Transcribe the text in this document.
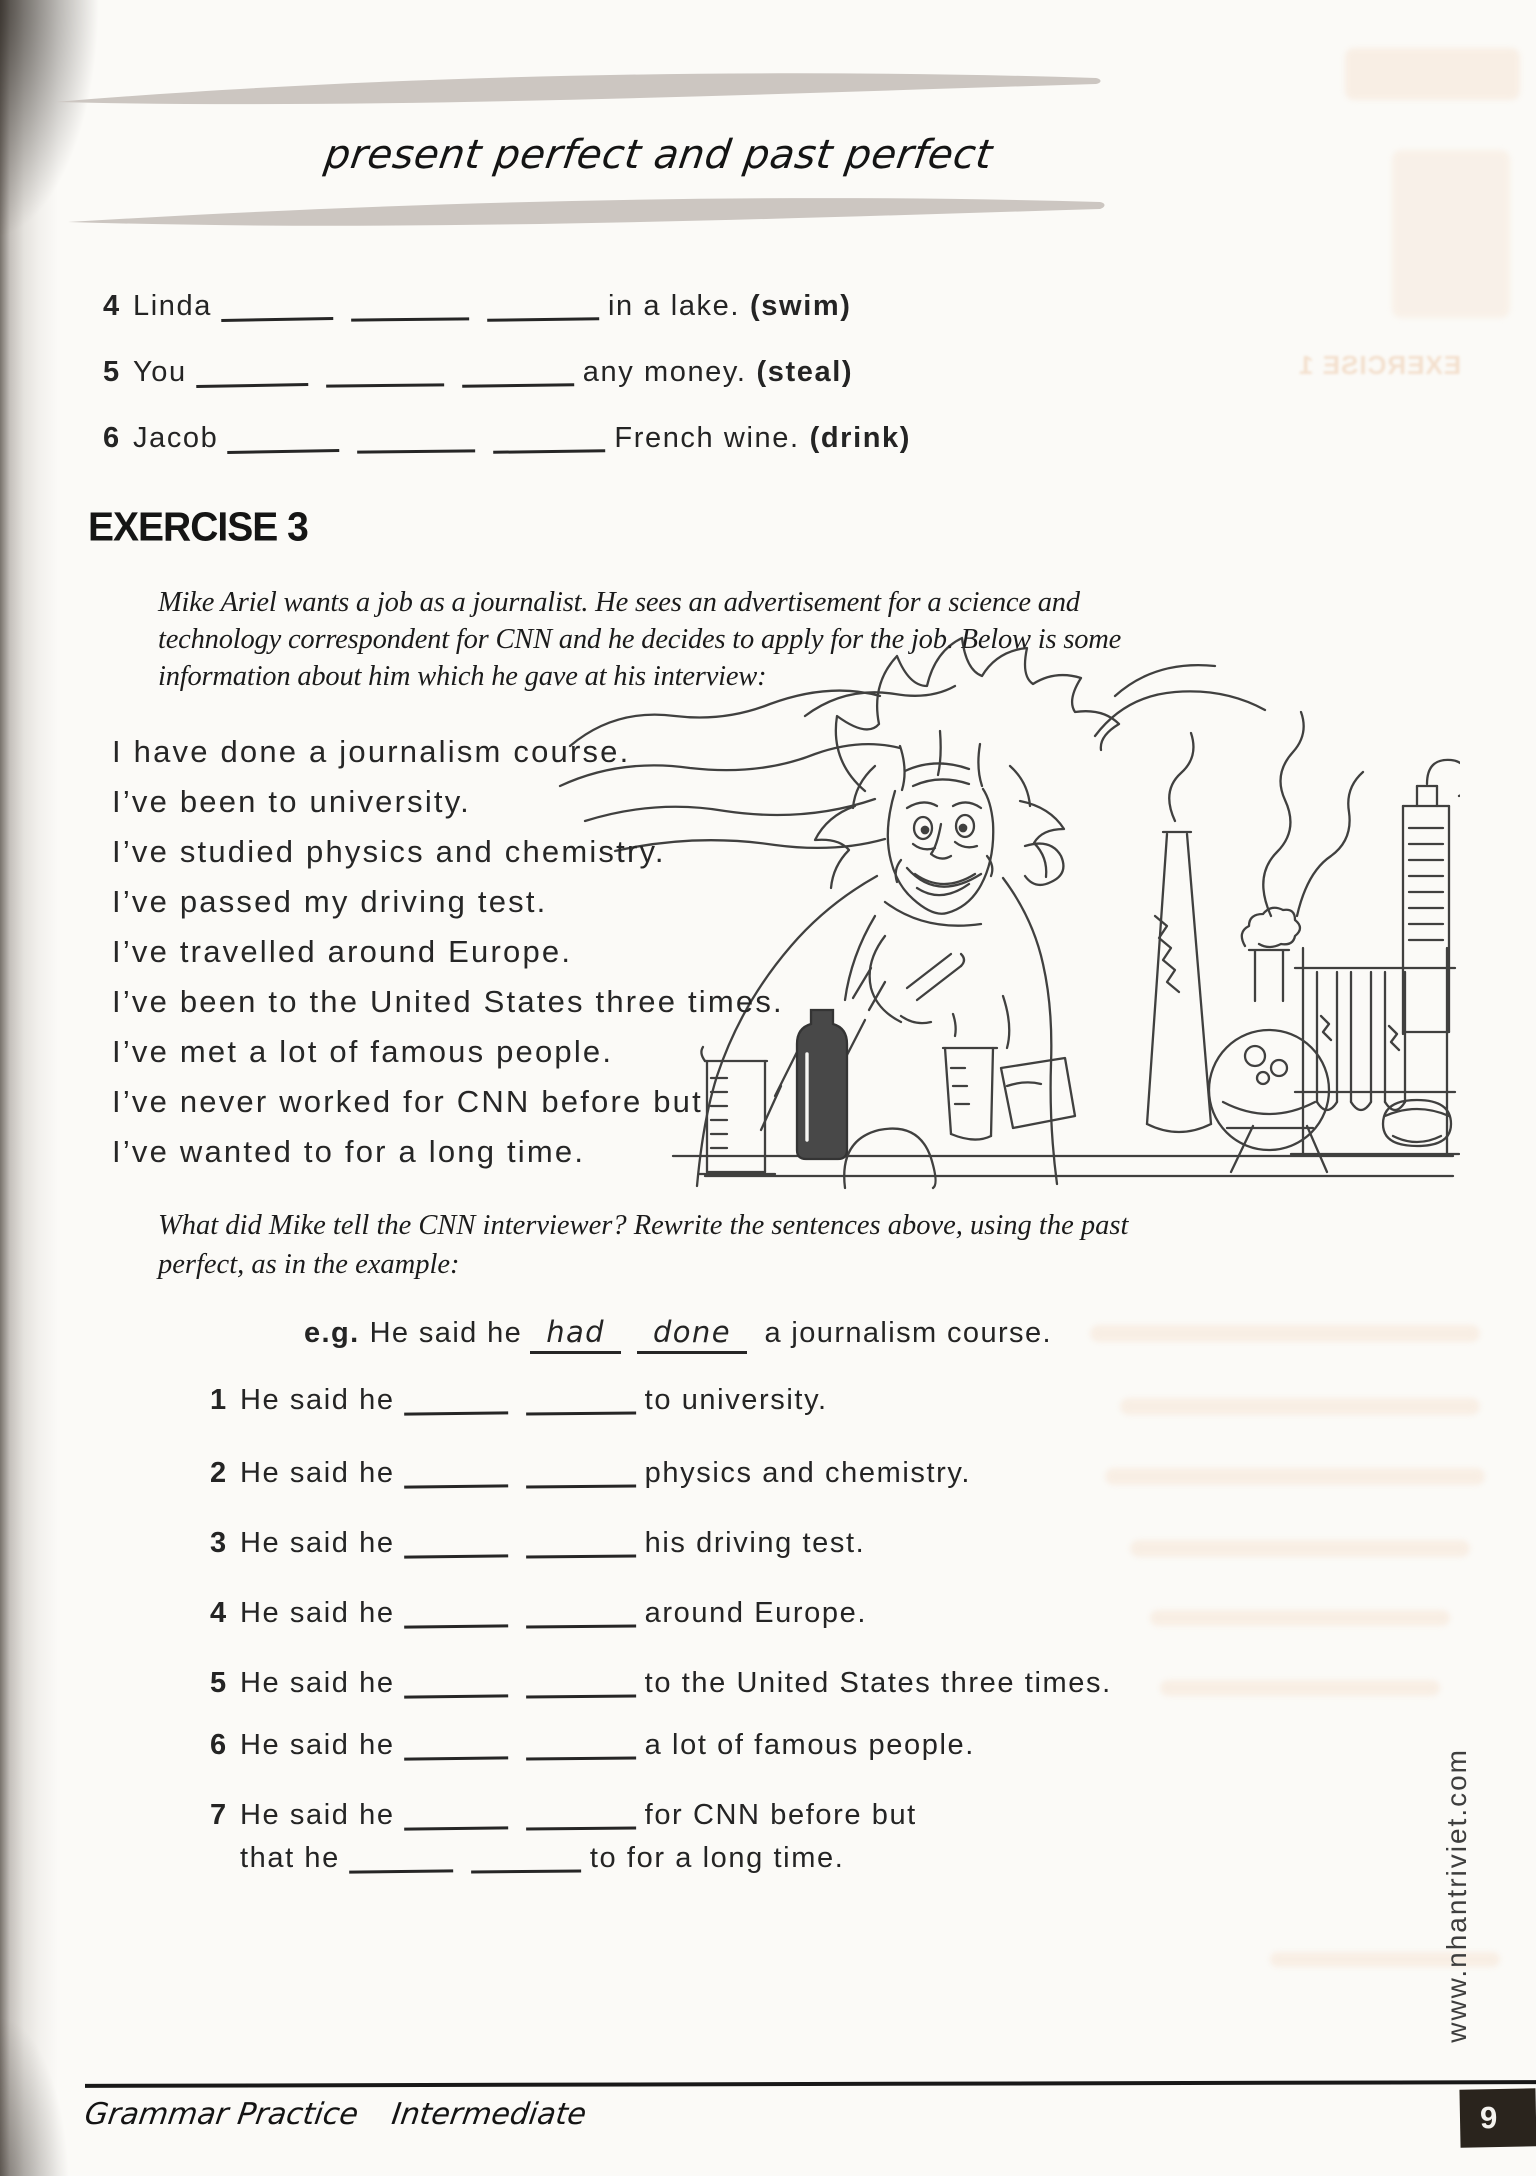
EXERCISE 1
present perfect and past perfect
4 Linda	in a lake. (swim)
5 You	any money. (steal)
6 Jacob	French wine. (drink)
EXERCISE 3
Mike Ariel wants a job as a journalist. He sees an advertisement for a science and
technology correspondent for CNN and he decides to apply for the job. Below is some
information about him which he gave at his interview:
I have done a journalism course.
I’ve been to university.
I’ve studied physics and chemistry.
I’ve passed my driving test.
I’ve travelled around Europe.
I’ve been to the United States three times.
I’ve met a lot of famous people.
I’ve never worked for CNN before but
I’ve wanted to for a long time.
What did Mike tell the CNN interviewer? Rewrite the sentences above, using the past
perfect, as in the example:
e.g. He said he had done a journalism course.
1 He said he	to university.
2 He said he	physics and chemistry.
3 He said he	his driving test.
4 He said he	around Europe.
5 He said he	to the United States three times.
6 He said he	a lot of famous people.
7 He said he	for CNN before but
that he	to for a long time.
Grammar Practice Intermediate
www.nhantriviet.com
9
